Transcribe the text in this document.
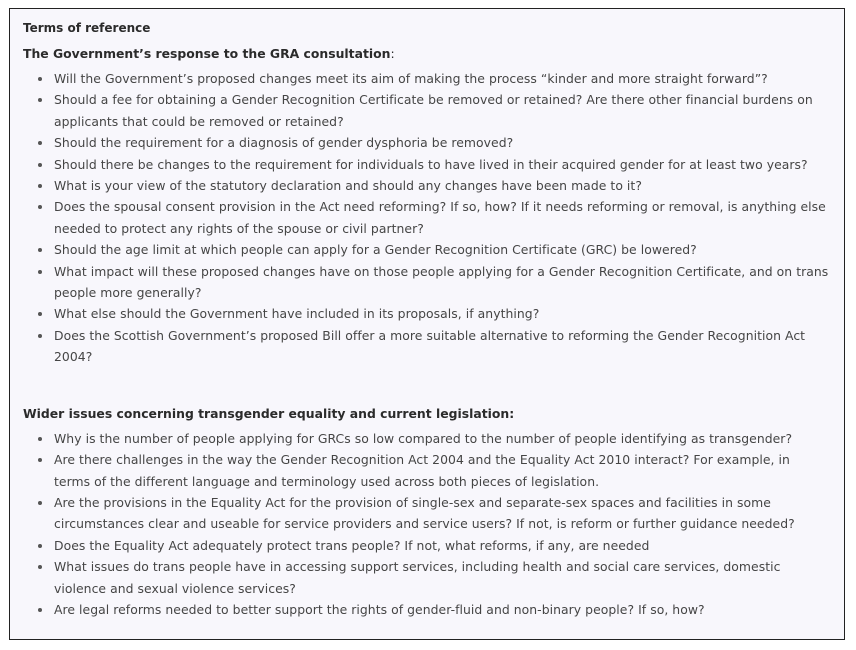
Terms of reference

The Government’s response to the GRA consultation:

Will the Government’s proposed changes meet its aim of making the process “kinder and more straight forward”?
Should a fee for obtaining a Gender Recognition Certificate be removed or retained? Are there other financial burdens on applicants that could be removed or retained?
Should the requirement for a diagnosis of gender dysphoria be removed?
Should there be changes to the requirement for individuals to have lived in their acquired gender for at least two years?
What is your view of the statutory declaration and should any changes have been made to it?
Does the spousal consent provision in the Act need reforming? If so, how? If it needs reforming or removal, is anything else needed to protect any rights of the spouse or civil partner?
Should the age limit at which people can apply for a Gender Recognition Certificate (GRC) be lowered?
What impact will these proposed changes have on those people applying for a Gender Recognition Certificate, and on trans people more generally?
What else should the Government have included in its proposals, if anything?
Does the Scottish Government’s proposed Bill offer a more suitable alternative to reforming the Gender Recognition Act 2004?

Wider issues concerning transgender equality and current legislation:

Why is the number of people applying for GRCs so low compared to the number of people identifying as transgender?
Are there challenges in the way the Gender Recognition Act 2004 and the Equality Act 2010 interact? For example, in terms of the different language and terminology used across both pieces of legislation.
Are the provisions in the Equality Act for the provision of single-sex and separate-sex spaces and facilities in some circumstances clear and useable for service providers and service users? If not, is reform or further guidance needed?
Does the Equality Act adequately protect trans people? If not, what reforms, if any, are needed
What issues do trans people have in accessing support services, including health and social care services, domestic violence and sexual violence services?
Are legal reforms needed to better support the rights of gender-fluid and non-binary people? If so, how?
